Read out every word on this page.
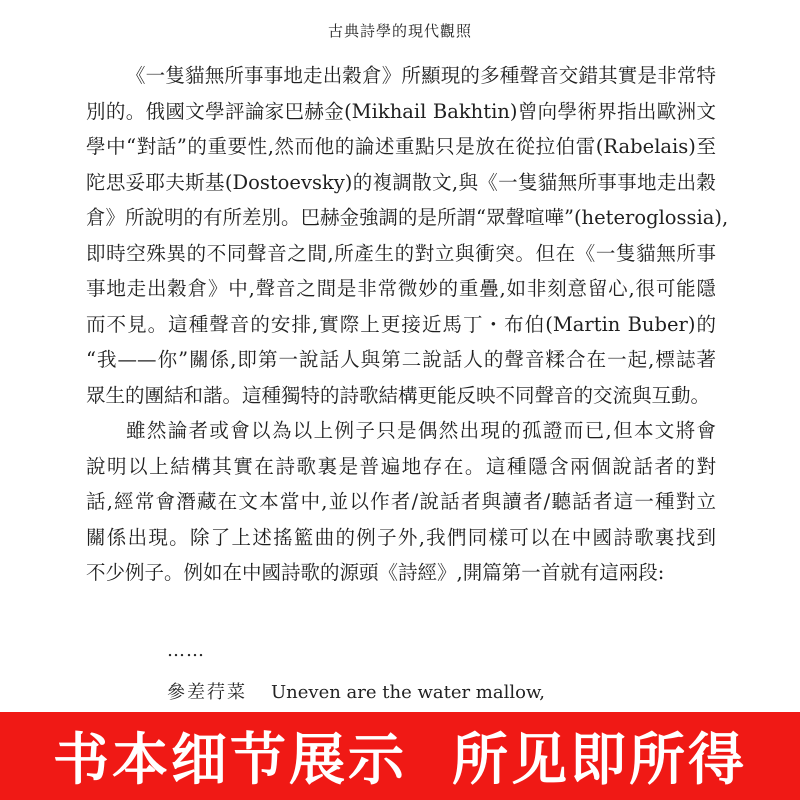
古典詩學的現代觀照

《一隻貓無所事事地走出穀倉》所顯現的多種聲音交錯其實是非常特

別的。俄國文學評論家巴赫金(Mikhail Bakhtin)曾向學術界指出歐洲文

學中“對話”的重要性,然而他的論述重點只是放在從拉伯雷(Rabelais)至

陀思妥耶夫斯基(Dostoevsky)的複調散文,與《一隻貓無所事事地走出穀

倉》所說明的有所差別。巴赫金強調的是所謂“眾聲喧嘩”(heteroglossia),

即時空殊異的不同聲音之間,所產生的對立與衝突。但在《一隻貓無所事

事地走出穀倉》中,聲音之間是非常微妙的重疊,如非刻意留心,很可能隱

而不見。這種聲音的安排,實際上更接近馬丁・布伯(Martin Buber)的

“我——你”關係,即第一說話人與第二說話人的聲音糅合在一起,標誌著

眾生的團結和諧。這種獨特的詩歌結構更能反映不同聲音的交流與互動。

雖然論者或會以為以上例子只是偶然出現的孤證而已,但本文將會

說明以上結構其實在詩歌裏是普遍地存在。這種隱含兩個說話者的對

話,經常會潛藏在文本當中,並以作者/說話者與讀者/聽話者這一種對立

關係出現。除了上述搖籃曲的例子外,我們同樣可以在中國詩歌裏找到

不少例子。例如在中國詩歌的源頭《詩經》,開篇第一首就有這兩段:

……
參差荇菜 Uneven are the water mallow,
书本细节展示  所见即所得
